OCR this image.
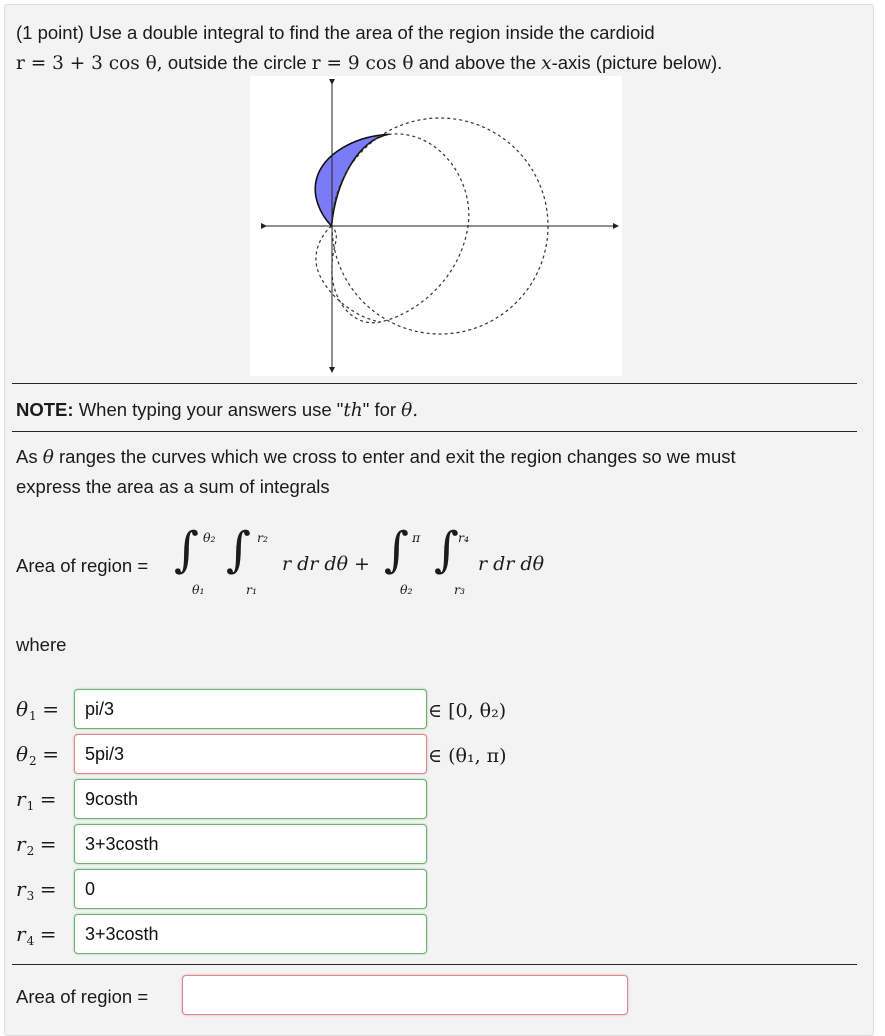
(1 point) Use a double integral to find the area of the region inside the cardioid
r = 3 + 3 cos θ, outside the circle r = 9 cos θ and above the x-axis (picture below).
NOTE: When typing your answers use "th" for θ.
As θ ranges the curves which we cross to enter and exit the region changes so we must
express the area as a sum of integrals
Area of region = ∫ θ₂
θ₁
∫ r₂
r₁
r dr dθ + ∫ π
θ₂
∫
r₄
r₃
r dr dθ
where
$\theta_1$ =
pi/3	∈ [0, θ₂)
$\theta_2$ =
5pi/3	∈ (θ₁, π)
$r_1$ =
9costh
$r_2$ =
3+3costh
$r_3$ =
0
$r_4$ =
3+3costh
Area of region =
